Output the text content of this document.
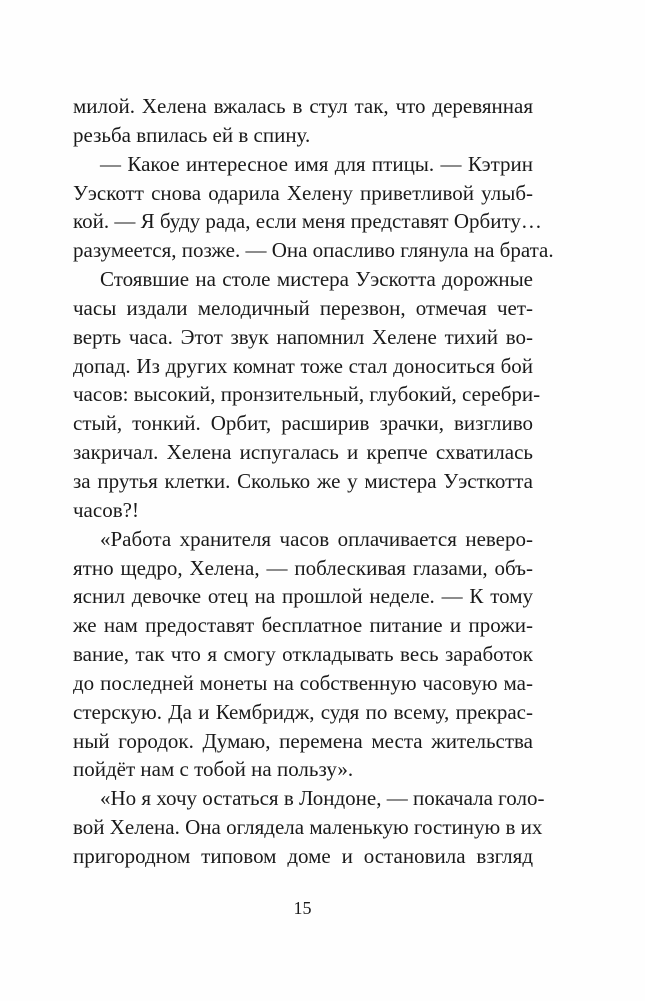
милой. Хелена вжалась в стул так, что деревянная
резьба впилась ей в спину.
— Какое интересное имя для птицы. — Кэтрин
Уэскотт снова одарила Хелену приветливой улыб-
кой. — Я буду рада, если меня представят Орбиту…
разумеется, позже. — Она опасливо глянула на брата.
Стоявшие на столе мистера Уэскотта дорожные
часы издали мелодичный перезвон, отмечая чет-
верть часа. Этот звук напомнил Хелене тихий во-
допад. Из других комнат тоже стал доноситься бой
часов: высокий, пронзительный, глубокий, серебри-
стый, тонкий. Орбит, расширив зрачки, визгливо
закричал. Хелена испугалась и крепче схватилась
за прутья клетки. Сколько же у мистера Уэсткотта
часов?!
«Работа хранителя часов оплачивается неверо-
ятно щедро, Хелена, — поблескивая глазами, объ-
яснил девочке отец на прошлой неделе. — К тому
же нам предоставят бесплатное питание и прожи-
вание, так что я смогу откладывать весь заработок
до последней монеты на собственную часовую ма-
стерскую. Да и Кембридж, судя по всему, прекрас-
ный городок. Думаю, перемена места жительства
пойдёт нам с тобой на пользу».
«Но я хочу остаться в Лондоне, — покачала голо-
вой Хелена. Она оглядела маленькую гостиную в их
пригородном типовом доме и остановила взгляд
15
